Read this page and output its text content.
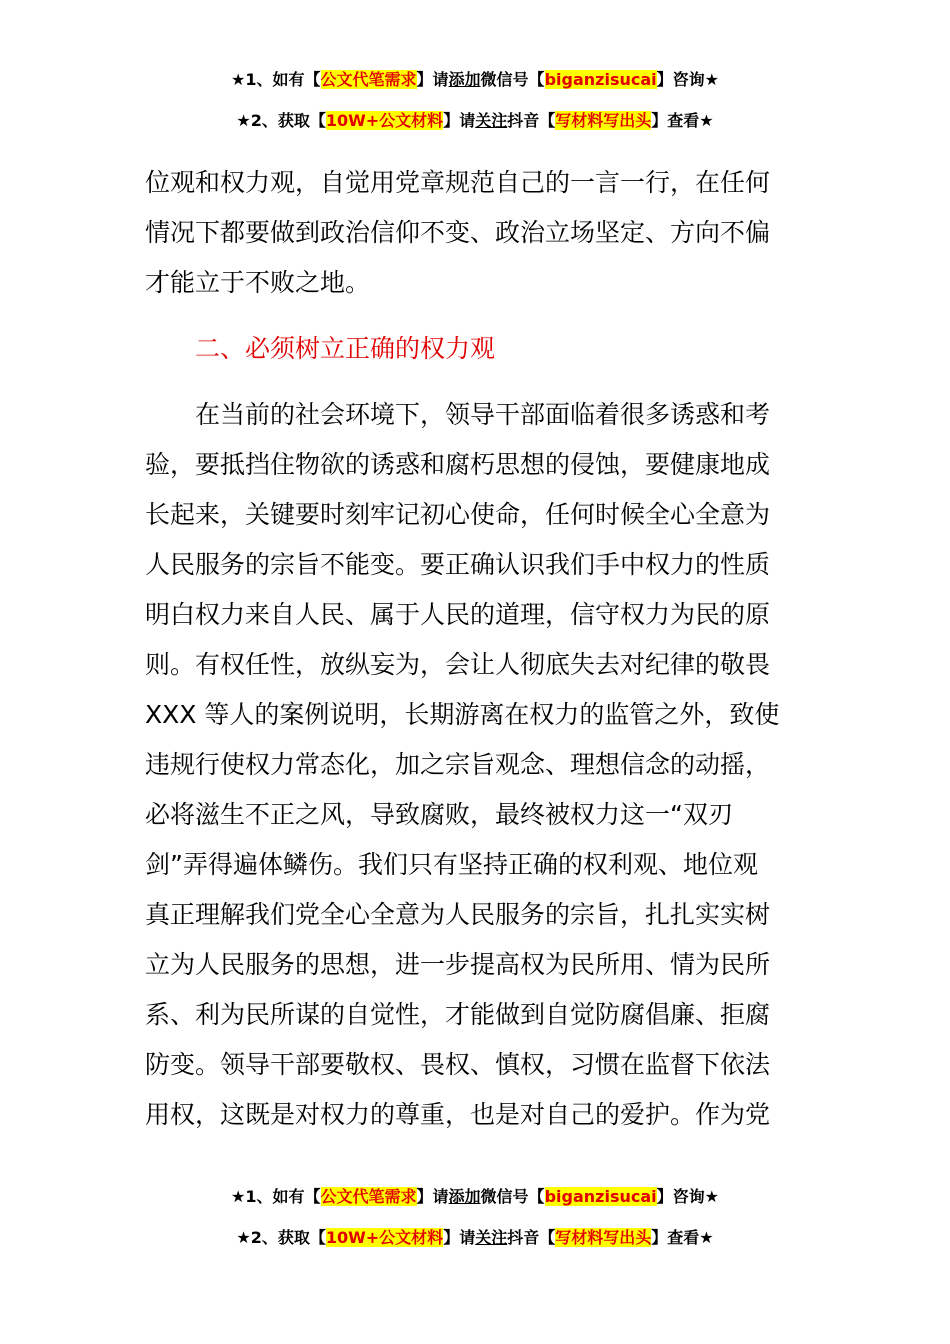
★1、如有【公文代笔需求】请添加微信号【biganzisucai】咨询★
★2、获取【10W+公文材料】请关注抖音【写材料写出头】查看★

位观和权力观，自觉用党章规范自己的一言一行，在任何
情况下都要做到政治信仰不变、政治立场坚定、方向不偏
才能立于不败之地。

二、必须树立正确的权力观

在当前的社会环境下，领导干部面临着很多诱惑和考
验，要抵挡住物欲的诱惑和腐朽思想的侵蚀，要健康地成
长起来，关键要时刻牢记初心使命，任何时候全心全意为
人民服务的宗旨不能变。要正确认识我们手中权力的性质
明白权力来自人民、属于人民的道理，信守权力为民的原
则。有权任性，放纵妄为，会让人彻底失去对纪律的敬畏
XXX 等人的案例说明，长期游离在权力的监管之外，致使
违规行使权力常态化，加之宗旨观念、理想信念的动摇，
必将滋生不正之风，导致腐败，最终被权力这一“双刃
剑”弄得遍体鳞伤。我们只有坚持正确的权利观、地位观
真正理解我们党全心全意为人民服务的宗旨，扎扎实实树
立为人民服务的思想，进一步提高权为民所用、情为民所
系、利为民所谋的自觉性，才能做到自觉防腐倡廉、拒腐
防变。领导干部要敬权、畏权、慎权，习惯在监督下依法
用权，这既是对权力的尊重，也是对自己的爱护。作为党

★1、如有【公文代笔需求】请添加微信号【biganzisucai】咨询★
★2、获取【10W+公文材料】请关注抖音【写材料写出头】查看★
